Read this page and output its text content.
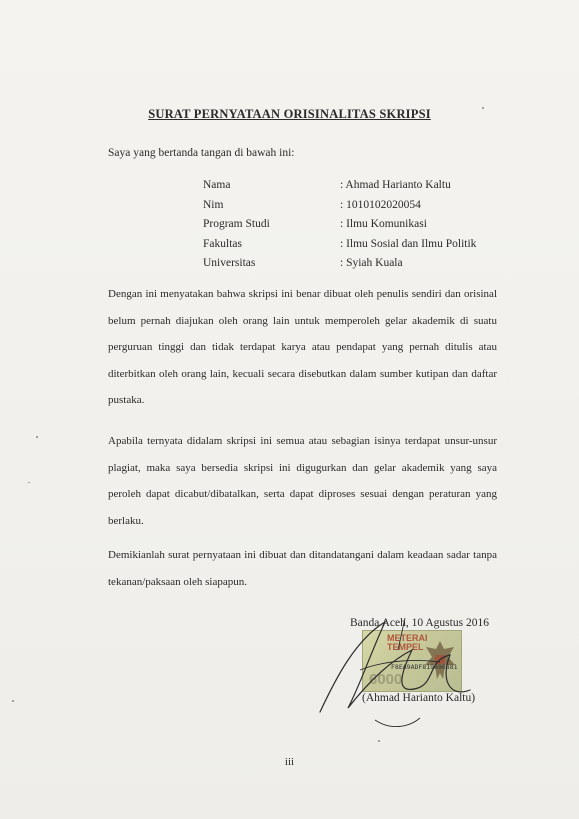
SURAT PERNYATAAN ORISINALITAS SKRIPSI
Saya yang bertanda tangan di bawah ini:
Nama	: Ahmad Harianto Kaltu
Nim	: 1010102020054
Program Studi	: Ilmu Komunikasi
Fakultas	: Ilmu Sosial dan Ilmu Politik
Universitas	: Syiah Kuala
Dengan ini menyatakan bahwa skripsi ini benar dibuat oleh penulis sendiri dan orisinal belum pernah diajukan oleh orang lain untuk memperoleh gelar akademik di suatu perguruan tinggi dan tidak terdapat karya atau pendapat yang pernah ditulis atau diterbitkan oleh orang lain, kecuali secara disebutkan dalam sumber kutipan dan daftar pustaka.
Apabila ternyata didalam skripsi ini semua atau sebagian isinya terdapat unsur-unsur plagiat, maka saya bersedia skripsi ini digugurkan dan gelar akademik yang saya peroleh dapat dicabut/dibatalkan, serta dapat diproses sesuai dengan peraturan yang berlaku.
Demikianlah surat pernyataan ini dibuat dan ditandatangani dalam keadaan sadar tanpa tekanan/paksaan oleh siapapun.
Banda Aceh, 10 Agustus 2016
METERAI
TEMPEL
F8EA9ADF819690881
6000
(Ahmad Harianto Kaltu)
iii
